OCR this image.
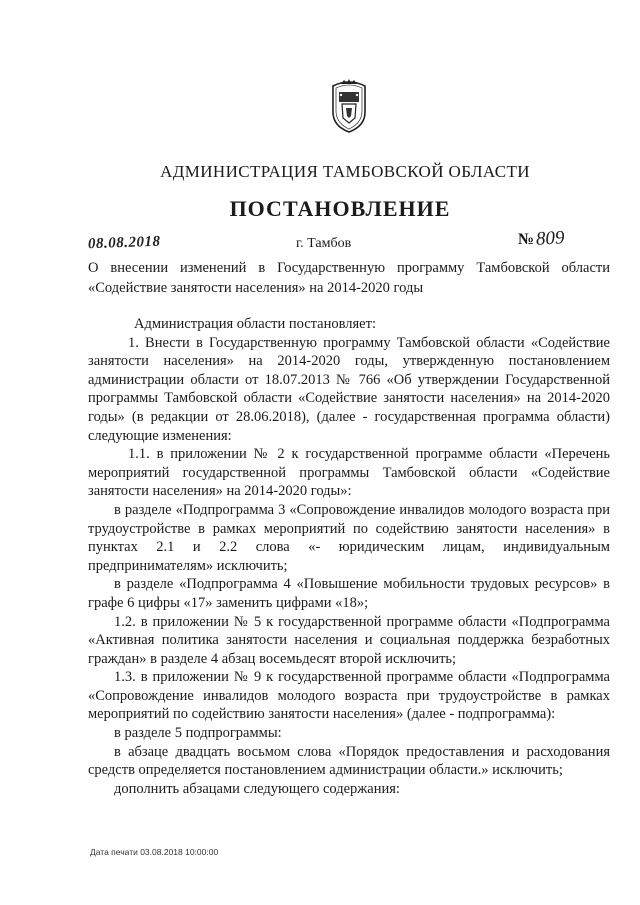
АДМИНИСТРАЦИЯ ТАМБОВСКОЙ ОБЛАСТИ
ПОСТАНОВЛЕНИЕ
08.08.2018	г. Тамбов	№809
О внесении изменений в Государственную программу Тамбовской области «Содействие занятости населения» на 2014-2020 годы

Администрация области постановляет:

1. Внести в Государственную программу Тамбовской области «Содействие занятости населения» на 2014-2020 годы, утвержденную постановлением администрации области от 18.07.2013 № 766 «Об утверждении Государственной программы Тамбовской области «Содействие занятости населения» на 2014-2020 годы» (в редакции от 28.06.2018), (далее - государственная программа области) следующие изменения:

1.1. в приложении № 2 к государственной программе области «Перечень мероприятий государственной программы Тамбовской области «Содействие занятости населения» на 2014-2020 годы»:

в разделе «Подпрограмма 3 «Сопровождение инвалидов молодого возраста при трудоустройстве в рамках мероприятий по содействию занятости населения» в пунктах 2.1 и 2.2 слова «- юридическим лицам, индивидуальным предпринимателям» исключить;

в разделе «Подпрограмма 4 «Повышение мобильности трудовых ресурсов» в графе 6 цифры «17» заменить цифрами «18»;

1.2. в приложении № 5 к государственной программе области «Подпрограмма «Активная политика занятости населения и социальная поддержка безработных граждан» в разделе 4 абзац восемьдесят второй исключить;

1.3. в приложении № 9 к государственной программе области «Подпрограмма «Сопровождение инвалидов молодого возраста при трудоустройстве в рамках мероприятий по содействию занятости населения» (далее - подпрограмма):

в разделе 5 подпрограммы:

в абзаце двадцать восьмом слова «Порядок предоставления и расходования средств определяется постановлением администрации области.» исключить;

дополнить абзацами следующего содержания:

Дата печати 03.08.2018 10:00:00
